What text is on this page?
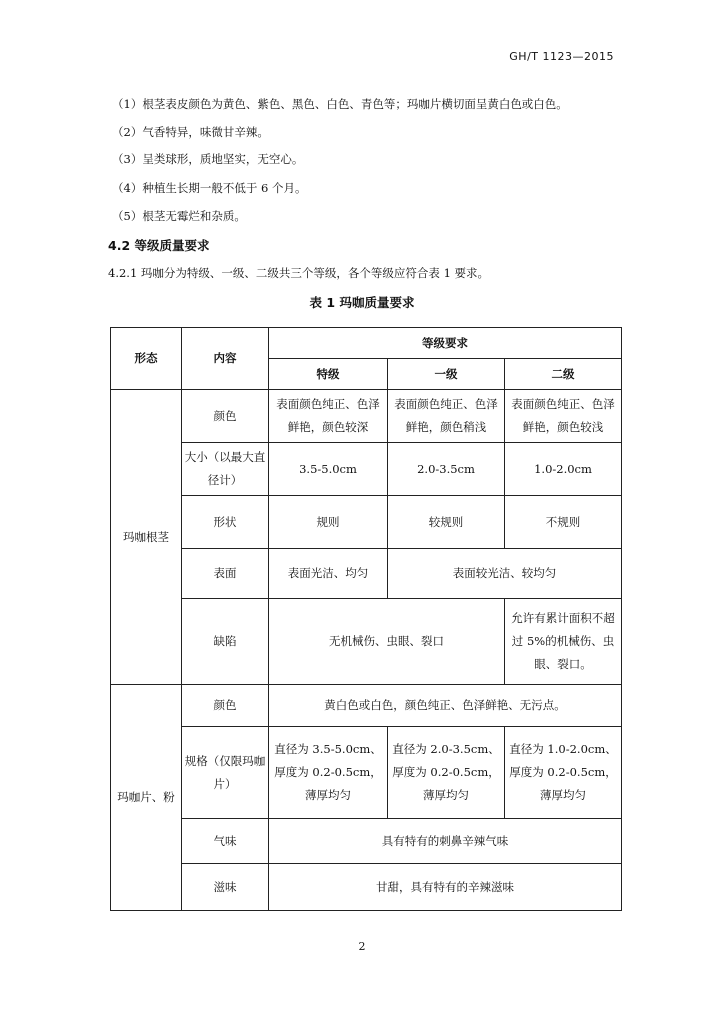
GH/T 1123—2015
（1）根茎表皮颜色为黄色、紫色、黑色、白色、青色等；玛咖片横切面呈黄白色或白色。
（2）气香特异，味微甘辛辣。
（3）呈类球形，质地坚实，无空心。
（4）种植生长期一般不低于 6 个月。
（5）根茎无霉烂和杂质。
4.2 等级质量要求
4.2.1 玛咖分为特级、一级、二级共三个等级，各个等级应符合表 1 要求。
表 1 玛咖质量要求
形态	内容	等级要求		
		特级	一级	二级
玛咖根茎	颜色	表面颜色纯正、色泽鲜艳，颜色较深	表面颜色纯正、色泽鲜艳，颜色稍浅	表面颜色纯正、色泽鲜艳，颜色较浅
	大小（以最大直径计）	3.5-5.0cm	2.0-3.5cm	1.0-2.0cm
	形状	规则	较规则	不规则
	表面	表面光洁、均匀	表面较光洁、较均匀	
	缺陷	无机械伤、虫眼、裂口		允许有累计面积不超过 5%的机械伤、虫眼、裂口。
玛咖片、粉	颜色	黄白色或白色，颜色纯正、色泽鲜艳、无污点。		
	规格（仅限玛咖片）	直径为 3.5-5.0cm、厚度为 0.2-0.5cm，薄厚均匀	直径为 2.0-3.5cm、厚度为 0.2-0.5cm，薄厚均匀	直径为 1.0-2.0cm、厚度为 0.2-0.5cm，薄厚均匀
	气味	具有特有的刺鼻辛辣气味		
	滋味	甘甜，具有特有的辛辣滋味		
2
